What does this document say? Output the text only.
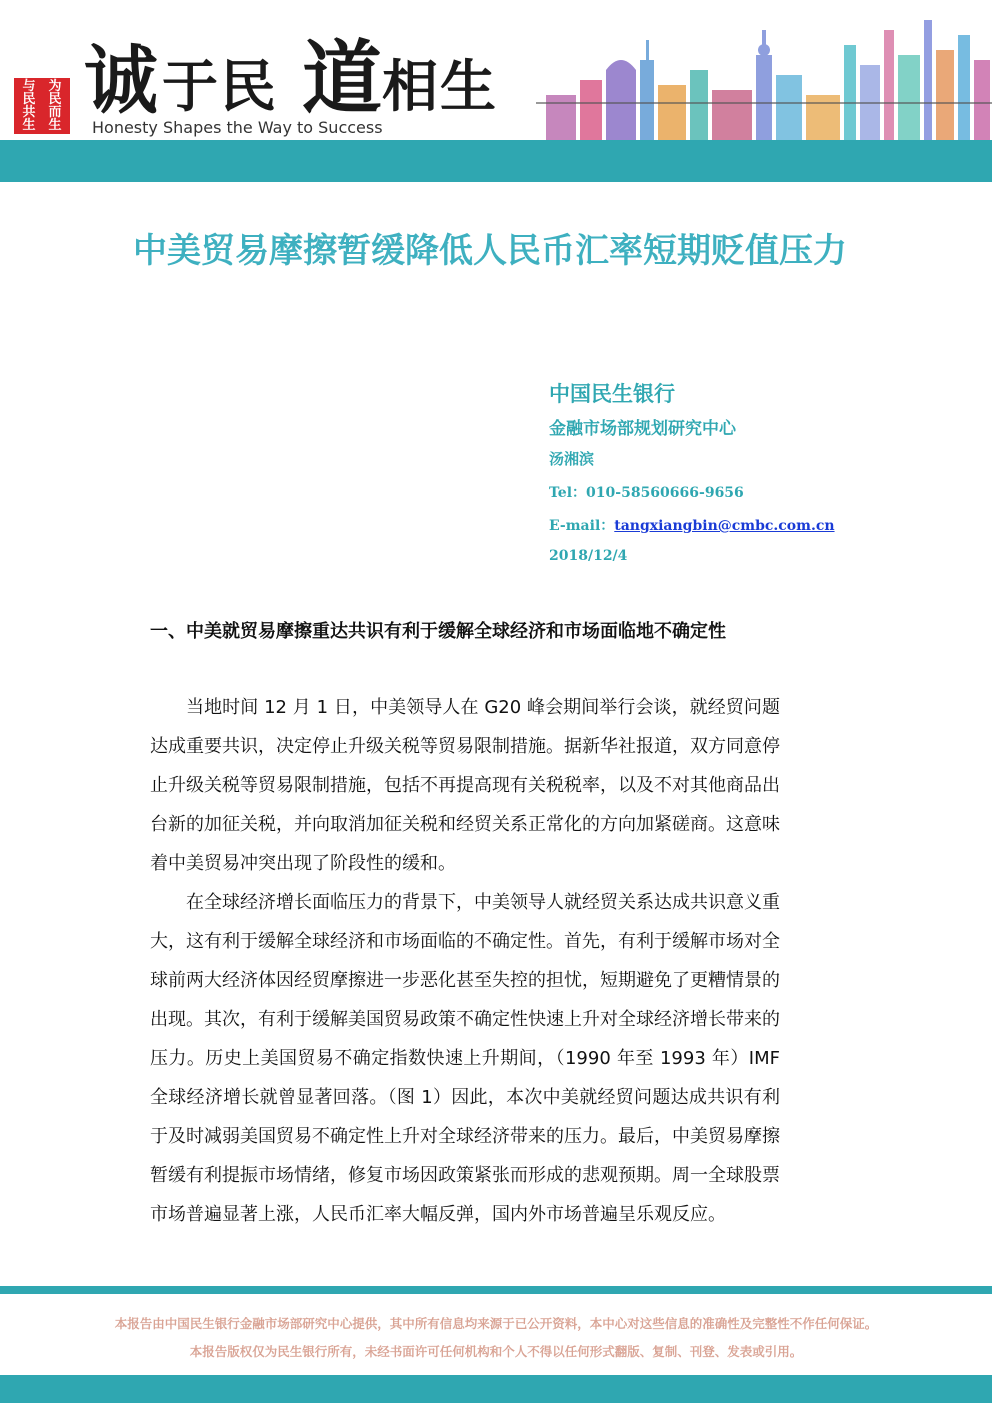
与 为
民 民
共 而
生 生
诚 于民 道 相生
Honesty Shapes the Way to Success
中美贸易摩擦暂缓降低人民币汇率短期贬值压力
中国民生银行
金融市场部规划研究中心
汤湘滨
Tel：010-58560666-9656
E-mail：tangxiangbin@cmbc.com.cn
2018/12/4
一、中美就贸易摩擦重达共识有利于缓解全球经济和市场面临地不确定性

当地时间 12 月 1 日，中美领导人在 G20 峰会期间举行会谈，就经贸问题达成重要共识，决定停止升级关税等贸易限制措施。据新华社报道，双方同意停止升级关税等贸易限制措施，包括不再提高现有关税税率，以及不对其他商品出台新的加征关税，并向取消加征关税和经贸关系正常化的方向加紧磋商。这意味着中美贸易冲突出现了阶段性的缓和。

在全球经济增长面临压力的背景下，中美领导人就经贸关系达成共识意义重大，这有利于缓解全球经济和市场面临的不确定性。首先，有利于缓解市场对全球前两大经济体因经贸摩擦进一步恶化甚至失控的担忧，短期避免了更糟情景的出现。其次，有利于缓解美国贸易政策不确定性快速上升对全球经济增长带来的压力。历史上美国贸易不确定指数快速上升期间，（1990 年至 1993 年）IMF 全球经济增长就曾显著回落。（图 1）因此，本次中美就经贸问题达成共识有利于及时减弱美国贸易不确定性上升对全球经济带来的压力。最后，中美贸易摩擦暂缓有利提振市场情绪，修复市场因政策紧张而形成的悲观预期。周一全球股票市场普遍显著上涨，人民币汇率大幅反弹，国内外市场普遍呈乐观反应。

本报告由中国民生银行金融市场部研究中心提供，其中所有信息均来源于已公开资料，本中心对这些信息的准确性及完整性不作任何保证。
本报告版权仅为民生银行所有，未经书面许可任何机构和个人不得以任何形式翻版、复制、刊登、发表或引用。
